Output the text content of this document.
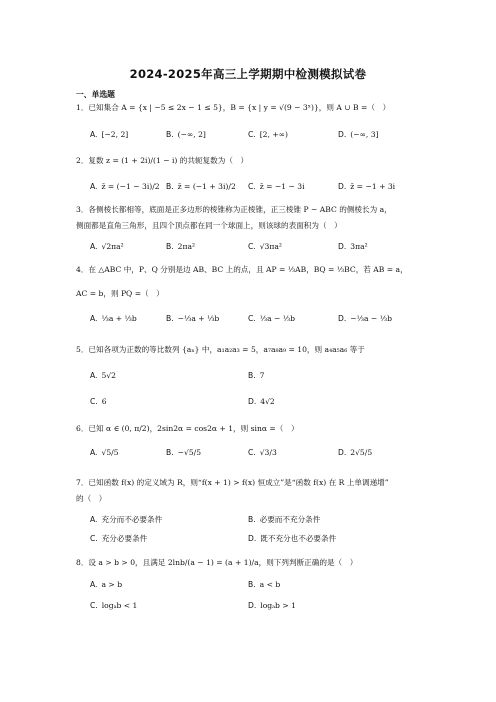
2024-2025年高三上学期期中检测模拟试卷
一、单选题
1．已知集合 A = {x | −5 ≤ 2x − 1 ≤ 5}，B = {x | y = √(9 − 3ˣ)}，则 A ∪ B =（　）
A. [−2, 2]	B. (−∞, 2]	C. [2, +∞)	D. (−∞, 3]
2．复数 z = (1 + 2i)/(1 − i) 的共轭复数为（　）
A. z̄ = (−1 − 3i)/2 B. z̄ = (−1 + 3i)/2 C. z̄ = −1 − 3i	D. z̄ = −1 + 3i
3．各侧棱长都相等，底面是正多边形的棱锥称为正棱锥，正三棱锥 P − ABC 的侧棱长为 a，
侧面都是直角三角形，且四个顶点都在同一个球面上，则该球的表面积为（　）
A. √2πa²	B. 2πa²	C. √3πa²	D. 3πa²
4．在 △ABC 中，P、Q 分别是边 AB、BC 上的点，且 AP = ⅓AB，BQ = ⅓BC，若 AB = a，
AC = b，则 PQ =（　）
A. ⅓a + ⅓b	B. −⅓a + ⅓b	C. ⅓a − ⅓b	D. −⅓a − ⅓b
5．已知各项为正数的等比数列 {aₙ} 中，a₁a₂a₃ = 5，a₇a₈a₉ = 10，则 a₄a₅a₆ 等于
A. 5√2	B. 7
C. 6	D. 4√2
6．已知 α ∈ (0, π/2)，2sin2α = cos2α + 1，则 sinα =（　）
A. √5/5	B. −√5/5	C. √3/3	D. 2√5/5
7．已知函数 f(x) 的定义域为 R，则“f(x + 1) > f(x) 恒成立”是“函数 f(x) 在 R 上单调递增”
的（　）
A. 充分而不必要条件	B. 必要而不充分条件
C. 充分必要条件	D. 既不充分也不必要条件
8．设 a > b > 0，且满足 2lnb/(a − 1) = (a + 1)/a，则下列判断正确的是（　）
A. a > b	B. a < b
C. logₐb < 1	D. logₐb > 1
